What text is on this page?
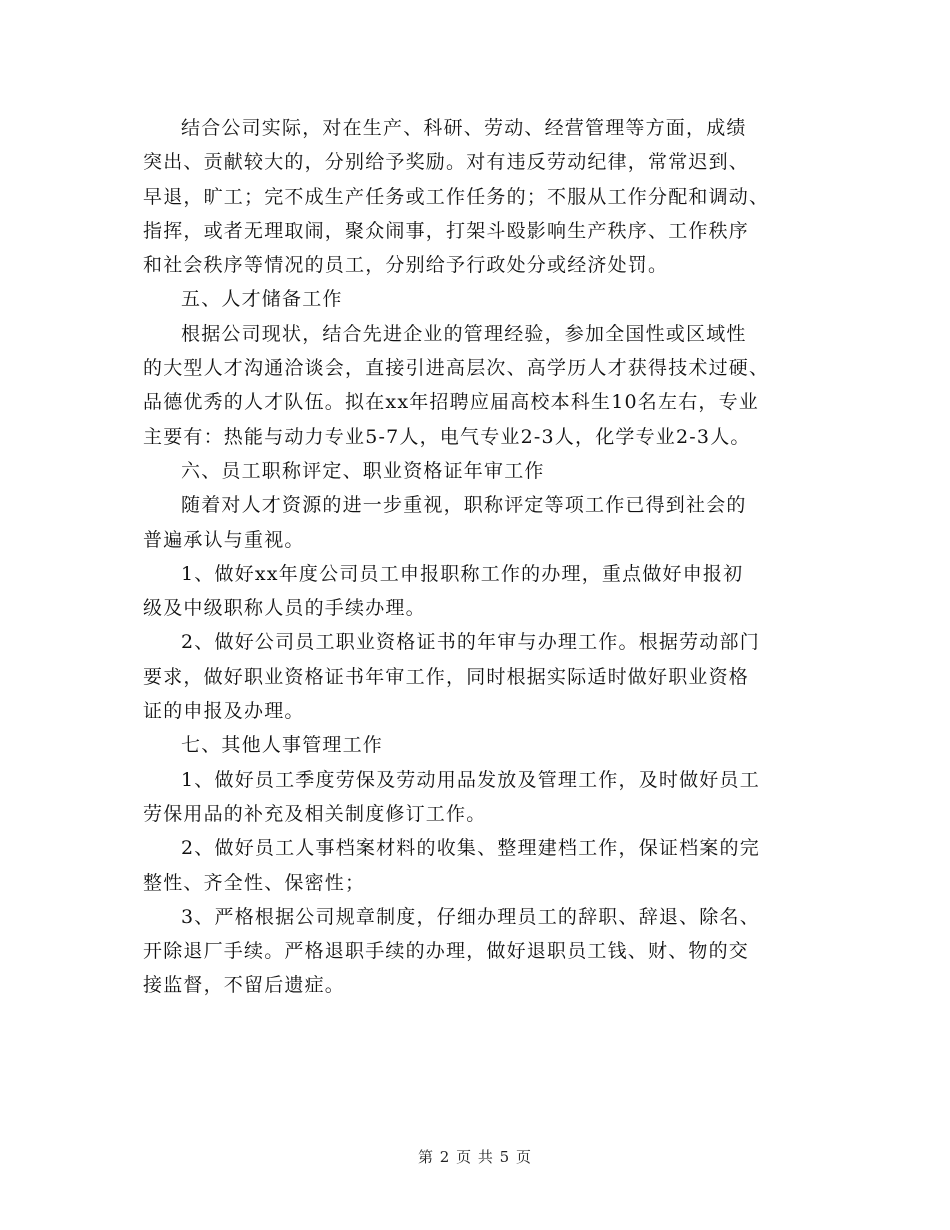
结合公司实际，对在生产、科研、劳动、经营管理等方面，成绩
突出、贡献较大的，分别给予奖励。对有违反劳动纪律，常常迟到、
早退，旷工；完不成生产任务或工作任务的；不服从工作分配和调动、
指挥，或者无理取闹，聚众闹事，打架斗殴影响生产秩序、工作秩序
和社会秩序等情况的员工，分别给予行政处分或经济处罚。
五、人才储备工作
根据公司现状，结合先进企业的管理经验，参加全国性或区域性
的大型人才沟通洽谈会，直接引进高层次、高学历人才获得技术过硬、
品德优秀的人才队伍。拟在xx年招聘应届高校本科生10名左右，专业
主要有：热能与动力专业5-7人，电气专业2-3人，化学专业2-3人。
六、员工职称评定、职业资格证年审工作
随着对人才资源的进一步重视，职称评定等项工作已得到社会的
普遍承认与重视。
1、做好xx年度公司员工申报职称工作的办理，重点做好申报初
级及中级职称人员的手续办理。
2、做好公司员工职业资格证书的年审与办理工作。根据劳动部门
要求，做好职业资格证书年审工作，同时根据实际适时做好职业资格
证的申报及办理。
七、其他人事管理工作
1、做好员工季度劳保及劳动用品发放及管理工作，及时做好员工
劳保用品的补充及相关制度修订工作。
2、做好员工人事档案材料的收集、整理建档工作，保证档案的完
整性、齐全性、保密性；
3、严格根据公司规章制度，仔细办理员工的辞职、辞退、除名、
开除退厂手续。严格退职手续的办理，做好退职员工钱、财、物的交
接监督，不留后遗症。
第 2 页 共 5 页
